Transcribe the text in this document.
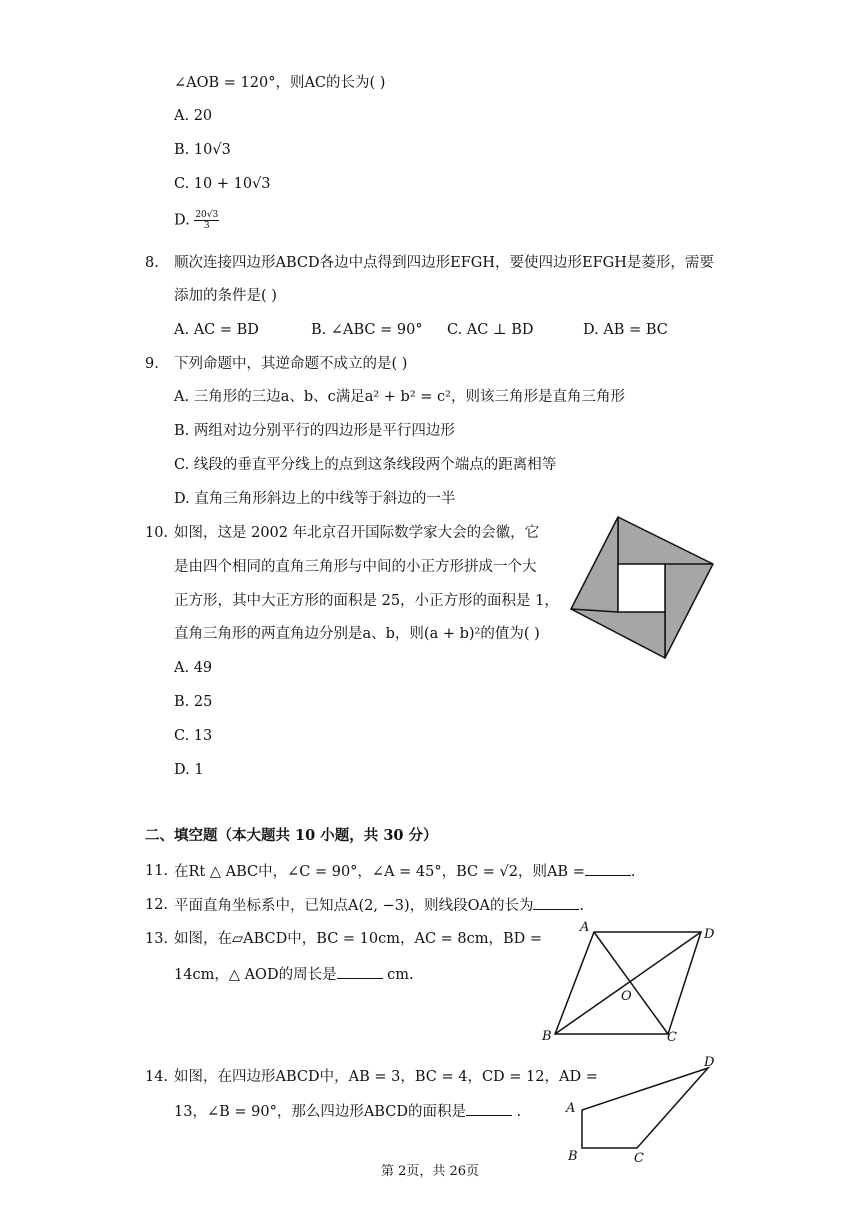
∠AOB = 120°，则AC的长为( )
A. 20
B. 10√3
C. 10 + 10√3
D. $\frac{20√3}{3}$
8. 顺次连接四边形ABCD各边中点得到四边形EFGH，要使四边形EFGH是菱形，需要
添加的条件是( )
A. AC = BD	B. ∠ABC = 90° C. AC ⊥ BD	D. AB = BC
9. 下列命题中，其逆命题不成立的是( )
A. 三角形的三边a、b、c满足a² + b² = c²，则该三角形是直角三角形
B. 两组对边分别平行的四边形是平行四边形
C. 线段的垂直平分线上的点到这条线段两个端点的距离相等
D. 直角三角形斜边上的中线等于斜边的一半
10. 如图，这是 2002 年北京召开国际数学家大会的会徽，它
是由四个相同的直角三角形与中间的小正方形拼成一个大
正方形，其中大正方形的面积是 25，小正方形的面积是 1，
直角三角形的两直角边分别是a、b，则(a + b)²的值为( )
A. 49
B. 25
C. 13
D. 1
二、填空题（本大题共 10 小题，共 30 分）
11. 在Rt △ ABC中，∠C = 90°，∠A = 45°，BC = √2，则AB =	.
12. 平面直角坐标系中，已知点A(2, −3)，则线段OA的长为	.
13. 如图，在▱ABCD中，BC = 10cm，AC = 8cm，BD =
14cm，△ AOD的周长是	cm.
A	D
B	C
O
14. 如图，在四边形ABCD中，AB = 3，BC = 4，CD = 12，AD =
13，∠B = 90°，那么四边形ABCD的面积是	.	A
B	C
D
第 2页，共 26页
